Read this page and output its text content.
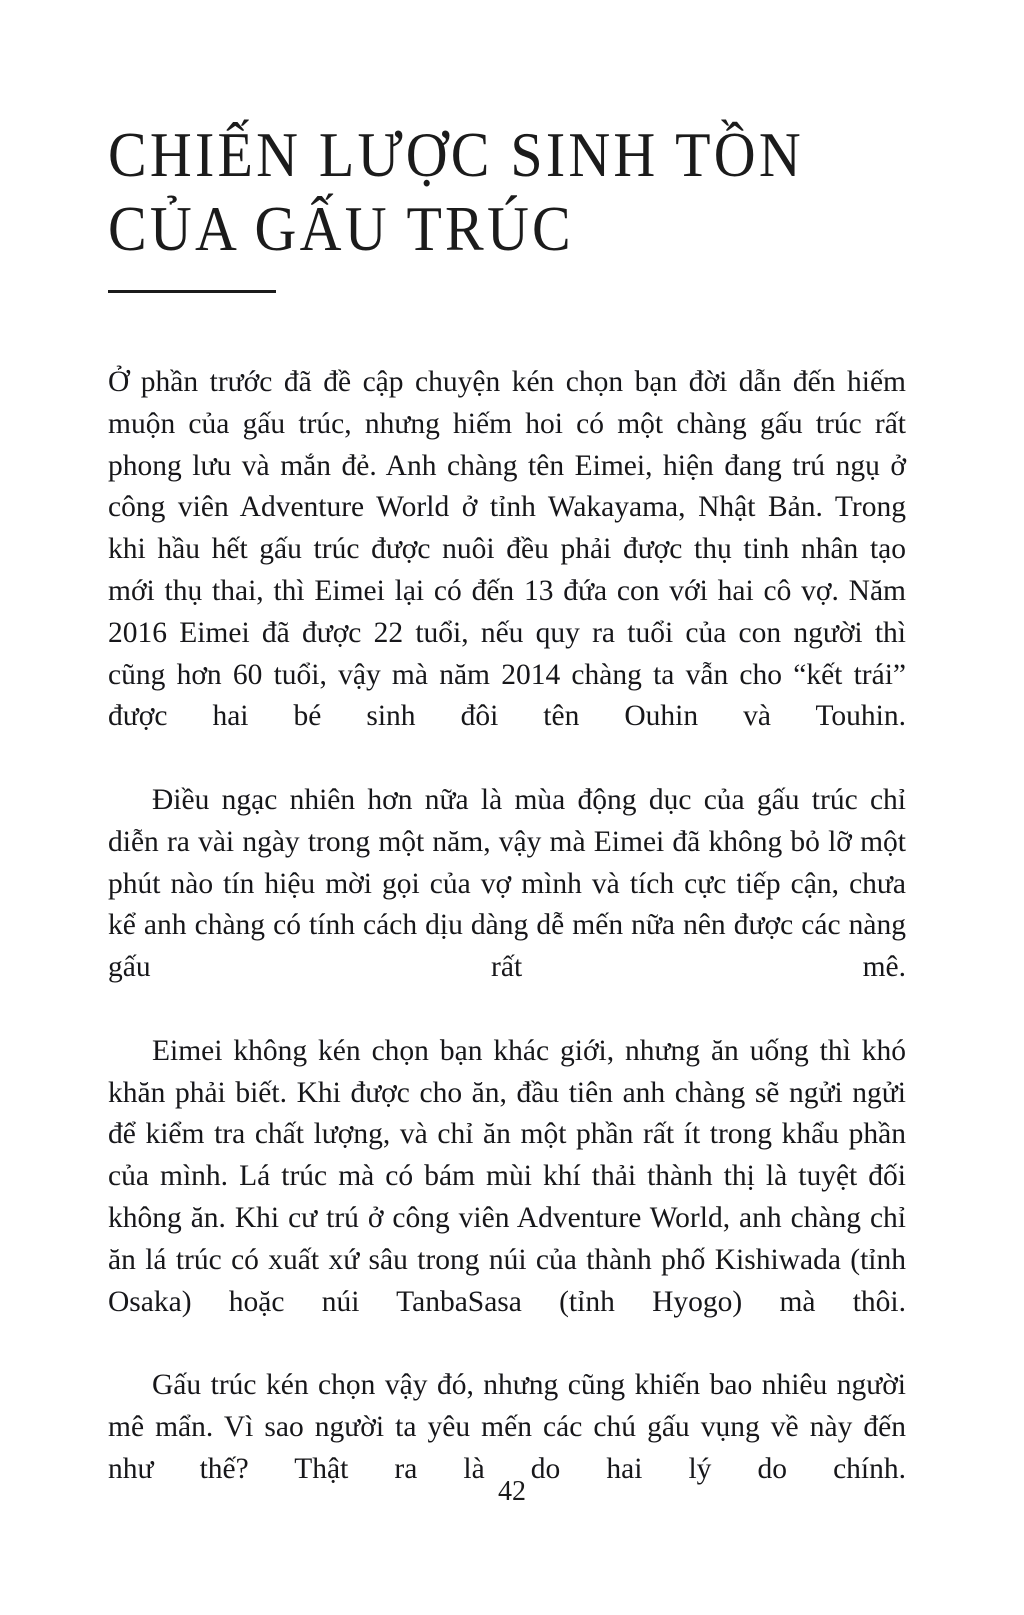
CHIẾN LƯỢC SINH TỒN
CỦA GẤU TRÚC

Ở phần trước đã đề cập chuyện kén chọn bạn đời dẫn đến hiếm muộn của gấu trúc, nhưng hiếm hoi có một chàng gấu trúc rất phong lưu và mắn đẻ. Anh chàng tên Eimei, hiện đang trú ngụ ở công viên Adventure World ở tỉnh Wakayama, Nhật Bản. Trong khi hầu hết gấu trúc được nuôi đều phải được thụ tinh nhân tạo mới thụ thai, thì Eimei lại có đến 13 đứa con với hai cô vợ. Năm 2016 Eimei đã được 22 tuổi, nếu quy ra tuổi của con người thì cũng hơn 60 tuổi, vậy mà năm 2014 chàng ta vẫn cho “kết trái” được hai bé sinh đôi tên Ouhin và Touhin.

Điều ngạc nhiên hơn nữa là mùa động dục của gấu trúc chỉ diễn ra vài ngày trong một năm, vậy mà Eimei đã không bỏ lỡ một phút nào tín hiệu mời gọi của vợ mình và tích cực tiếp cận, chưa kể anh chàng có tính cách dịu dàng dễ mến nữa nên được các nàng gấu rất mê.

Eimei không kén chọn bạn khác giới, nhưng ăn uống thì khó khăn phải biết. Khi được cho ăn, đầu tiên anh chàng sẽ ngửi ngửi để kiểm tra chất lượng, và chỉ ăn một phần rất ít trong khẩu phần của mình. Lá trúc mà có bám mùi khí thải thành thị là tuyệt đối không ăn. Khi cư trú ở công viên Adventure World, anh chàng chỉ ăn lá trúc có xuất xứ sâu trong núi của thành phố Kishiwada (tỉnh Osaka) hoặc núi TanbaSasa (tỉnh Hyogo) mà thôi.

Gấu trúc kén chọn vậy đó, nhưng cũng khiến bao nhiêu người mê mẩn. Vì sao người ta yêu mến các chú gấu vụng về này đến như thế? Thật ra là do hai lý do chính.

42
